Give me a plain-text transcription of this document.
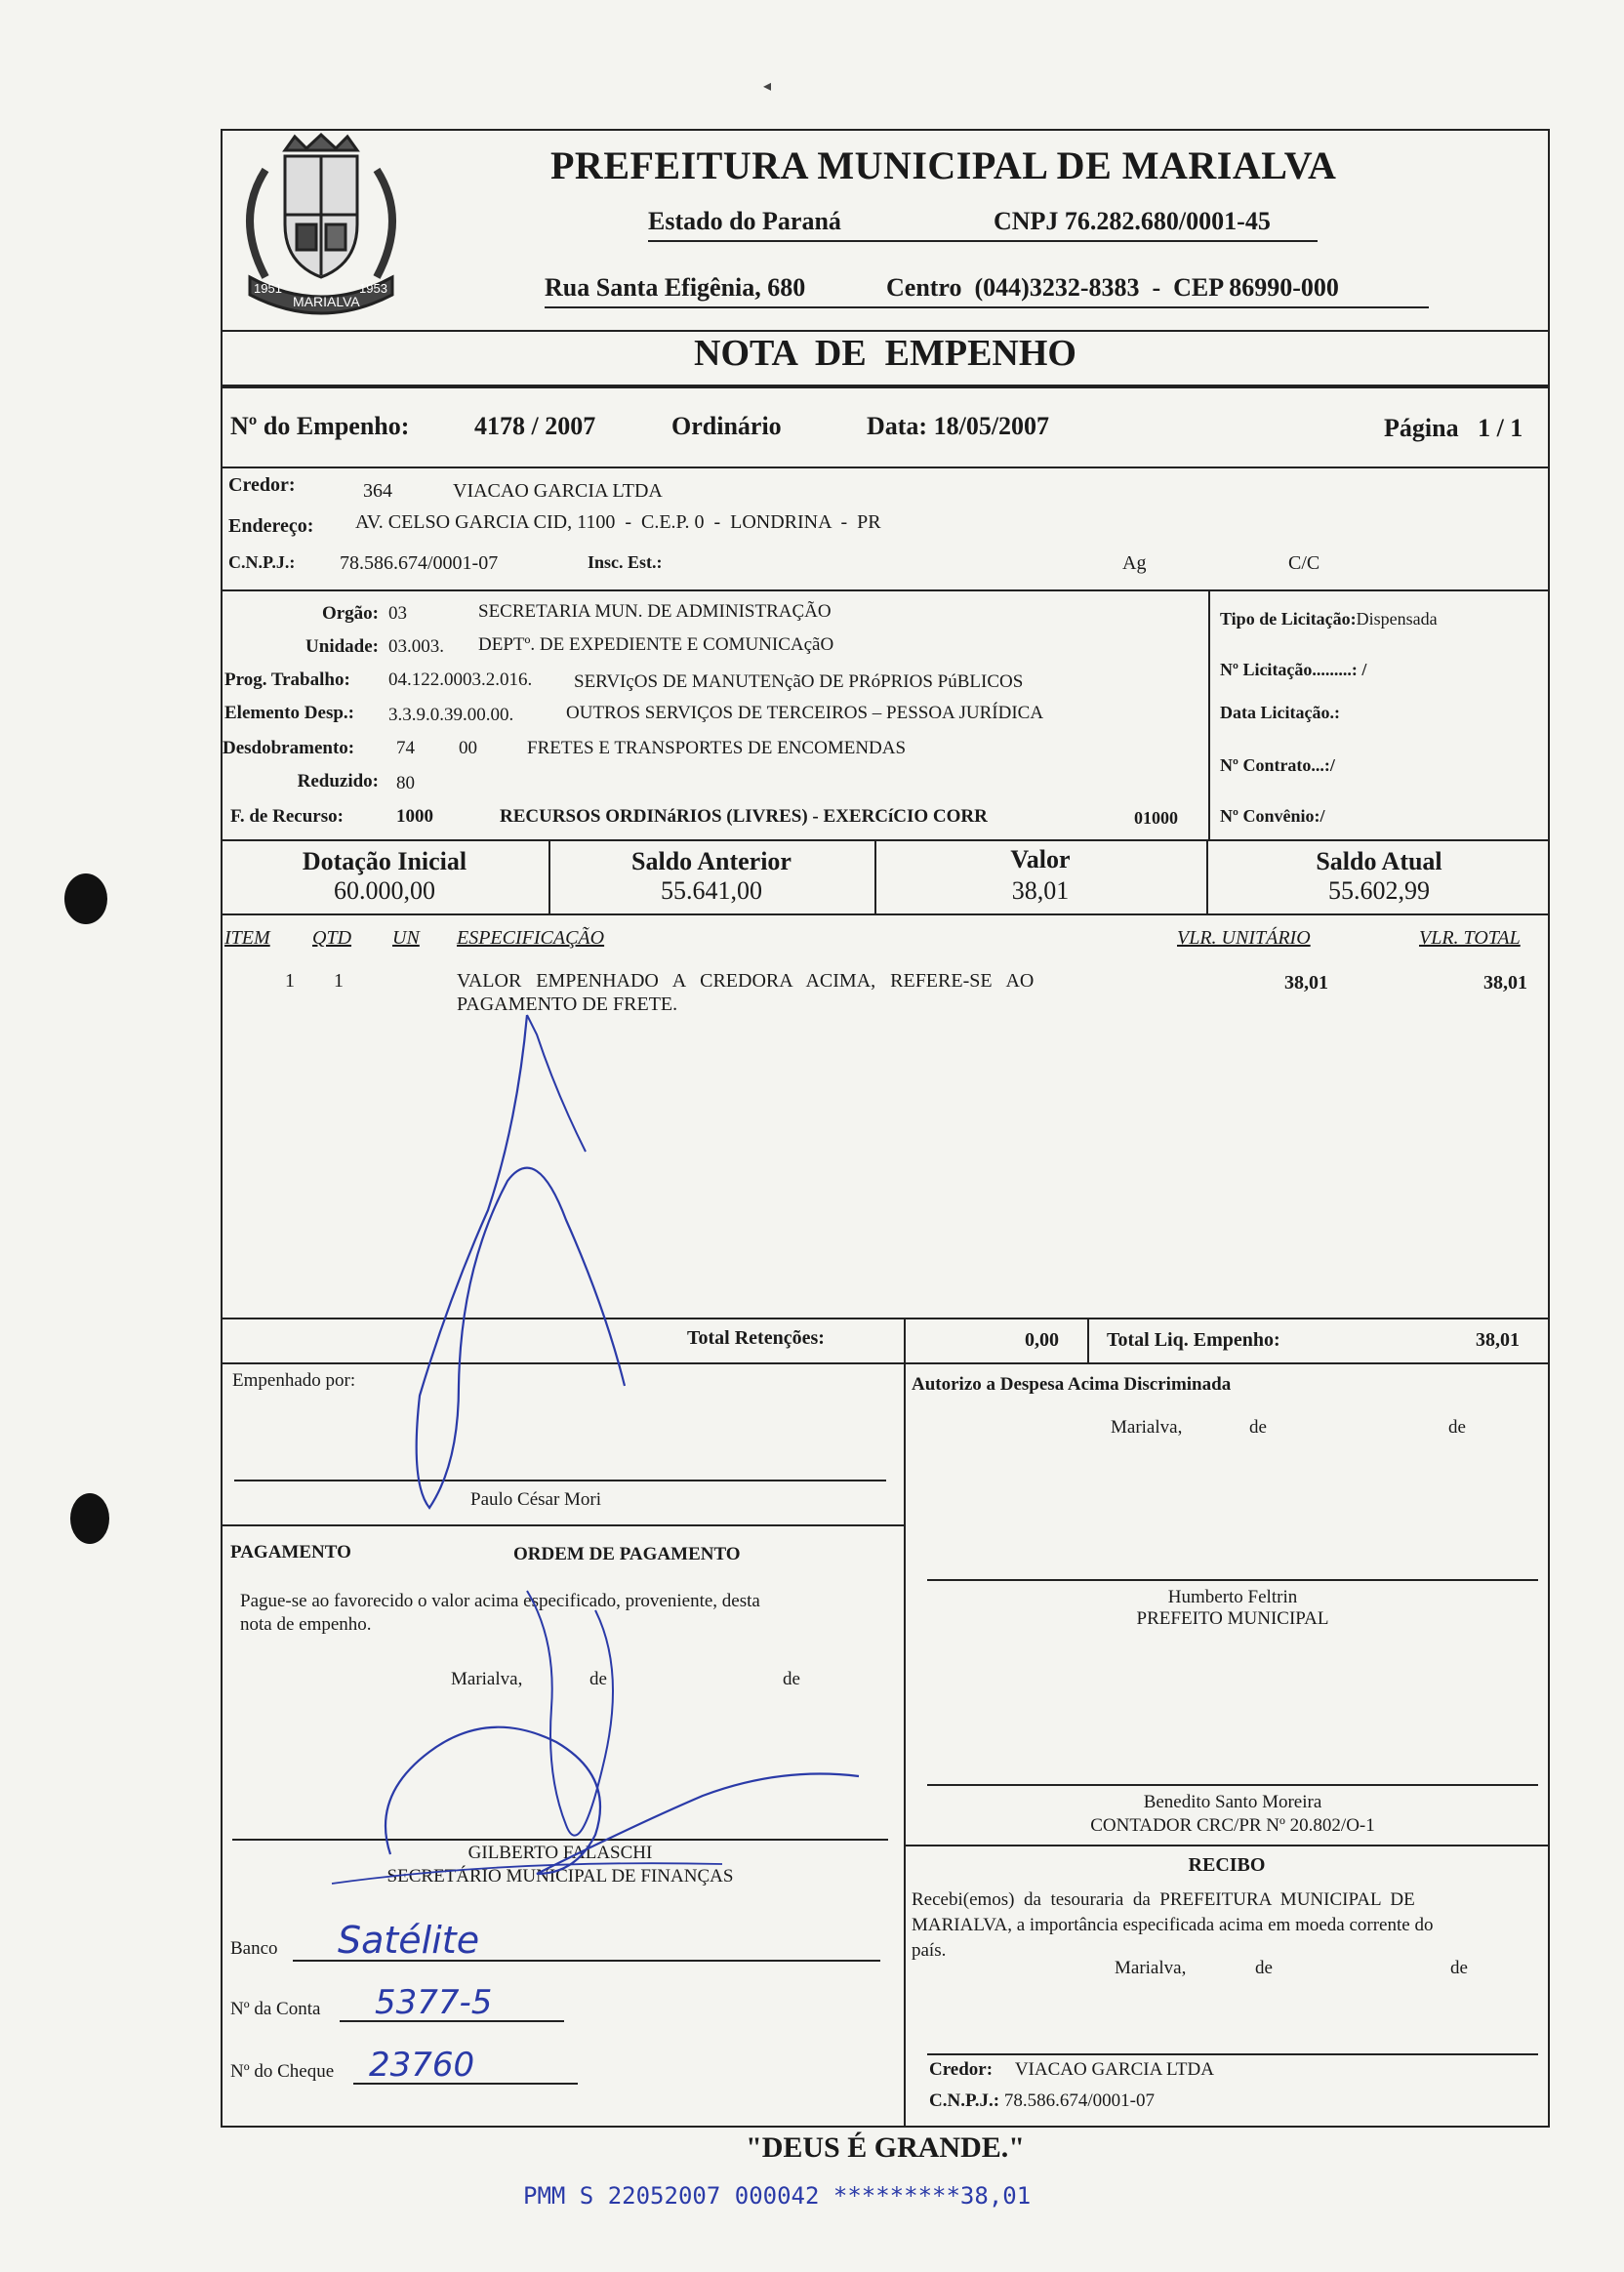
◂
1951
MARIALVA
1953
PREFEITURA MUNICIPAL DE MARIALVA
Estado do Paraná	CNPJ 76.282.680/0001-45
Rua Santa Efigênia, 680	Centro  (044)3232-8383  -  CEP 86990-000
NOTA  DE  EMPENHO
Nº do Empenho:	4178 / 2007	Ordinário	Data: 18/05/2007	Página   1 / 1
Credor:	364	VIACAO GARCIA LTDA
Endereço: AV. CELSO GARCIA CID, 1100  -  C.E.P. 0  -  LONDRINA  -  PR
C.N.P.J.: 78.586.674/0001-07	Insc. Est.:	Ag	C/C
Orgão: 03	SECRETARIA MUN. DE ADMINISTRAÇÃO
Unidade: 03.003. DEPTº. DE EXPEDIENTE E COMUNICAçãO
Prog. Trabalho: 04.122.0003.2.016. SERVIçOS DE MANUTENçãO DE PRóPRIOS PúBLICOS
Elemento Desp.: 3.3.9.0.39.00.00.	OUTROS SERVIÇOS DE TERCEIROS – PESSOA JURÍDICA
Desdobramento: 74 00	FRETES E TRANSPORTES DE ENCOMENDAS
Reduzido: 80
F. de Recurso:	1000	RECURSOS ORDINáRIOS (LIVRES) - EXERCíCIO CORR	01000
Tipo de Licitação:Dispensada
Nº Licitação.........: /
Data Licitação.:
Nº Contrato...:/
Nº Convênio:/
Dotação Inicial
60.000,00
Saldo Anterior
55.641,00
Valor
38,01
Saldo Atual
55.602,99
ITEM QTD UN ESPECIFICAÇÃO	VLR. UNITÁRIO	VLR. TOTAL
1 1	VALOR   EMPENHADO   A   CREDORA   ACIMA,   REFERE-SE   AO
PAGAMENTO DE FRETE.
38,01	38,01
Total Retenções:	0,00 Total Liq. Empenho:	38,01
Empenhado por:
Paulo César Mori
Autorizo a Despesa Acima Discriminada
Marialva,	de	de
Humberto Feltrin
PREFEITO MUNICIPAL
PAGAMENTO	ORDEM DE PAGAMENTO
Pague-se ao favorecido o valor acima especificado, proveniente, desta
nota de empenho.
Marialva,	de	de
GILBERTO FALASCHI
SECRETÁRIO MUNICIPAL DE FINANÇAS
Banco Satélite
Nº da Conta 5377-5
Nº do Cheque 23760
Benedito Santo Moreira
CONTADOR CRC/PR Nº 20.802/O-1
RECIBO
Recebi(emos)  da  tesouraria  da  PREFEITURA  MUNICIPAL  DE
MARIALVA, a importância especificada acima em moeda corrente do
país.
Marialva,	de	de
Credor: VIACAO GARCIA LTDA
C.N.P.J.: 78.586.674/0001-07
"DEUS É GRANDE."
PMM S 22052007 000042 *********38,01
